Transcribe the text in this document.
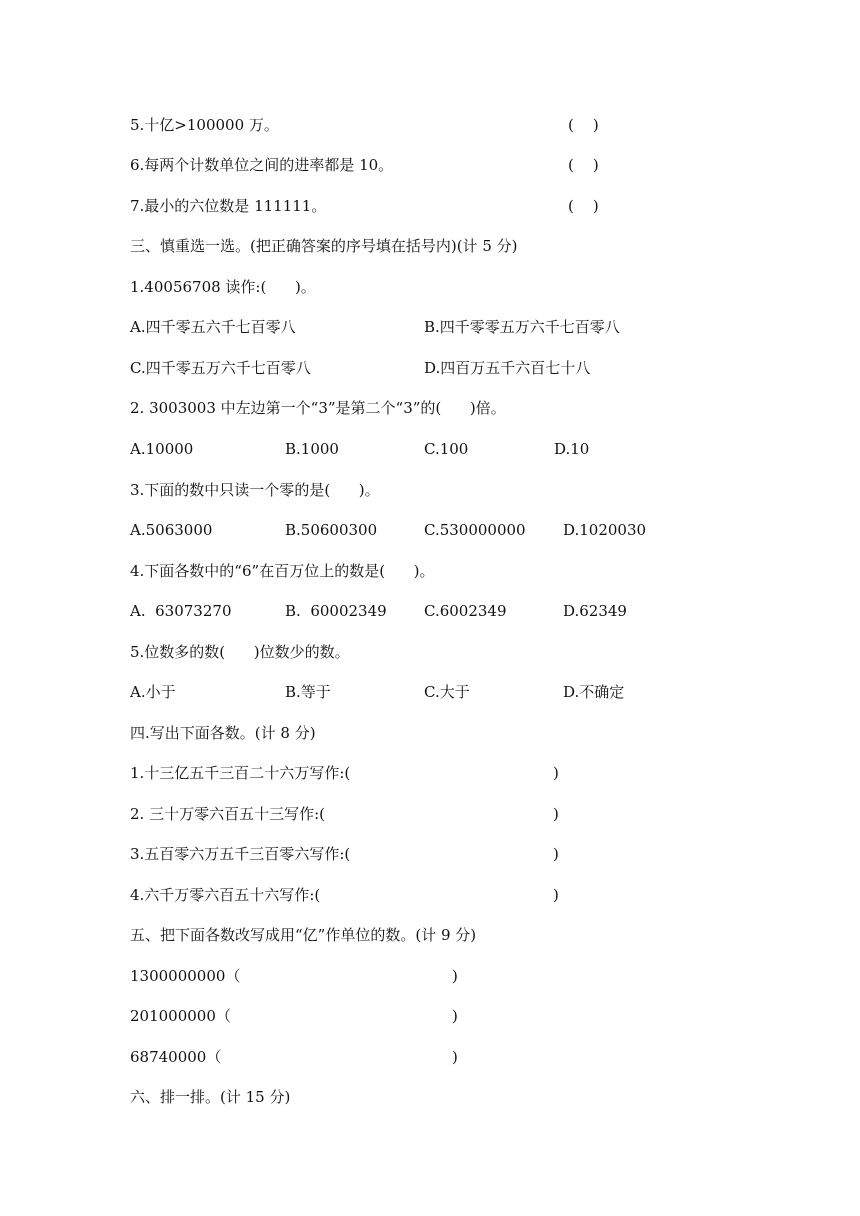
5.十亿>100000 万。	(    )
6.每两个计数单位之间的进率都是 10。	(    )
7.最小的六位数是 111111。	(    )
三、慎重选一选。(把正确答案的序号填在括号内)(计 5 分)
1.40056708 读作:(      )。
A.四千零五六千七百零八	B.四千零零五万六千七百零八
C.四千零五万六千七百零八	D.四百万五千六百七十八
2. 3003003 中左边第一个“3”是第二个“3”的(      )倍。
A.10000	B.1000	C.100	D.10
3.下面的数中只读一个零的是(      )。
A.5063000	B.50600300	C.530000000 D.1020030
4.下面各数中的“6”在百万位上的数是(      )。
A.  63073270	B.  60002349 C.6002349	D.62349
5.位数多的数(      )位数少的数。
A.小于	B.等于	C.大于	D.不确定
四.写出下面各数。(计 8 分)
1.十三亿五千三百二十六万写作:(	)
2. 三十万零六百五十三写作:(	)
3.五百零六万五千三百零六写作:(	)
4.六千万零六百五十六写作:(	)
五、把下面各数改写成用“亿”作单位的数。(计 9 分)
1300000000（	)
201000000（	)
68740000（	)
六、排一排。(计 15 分)
